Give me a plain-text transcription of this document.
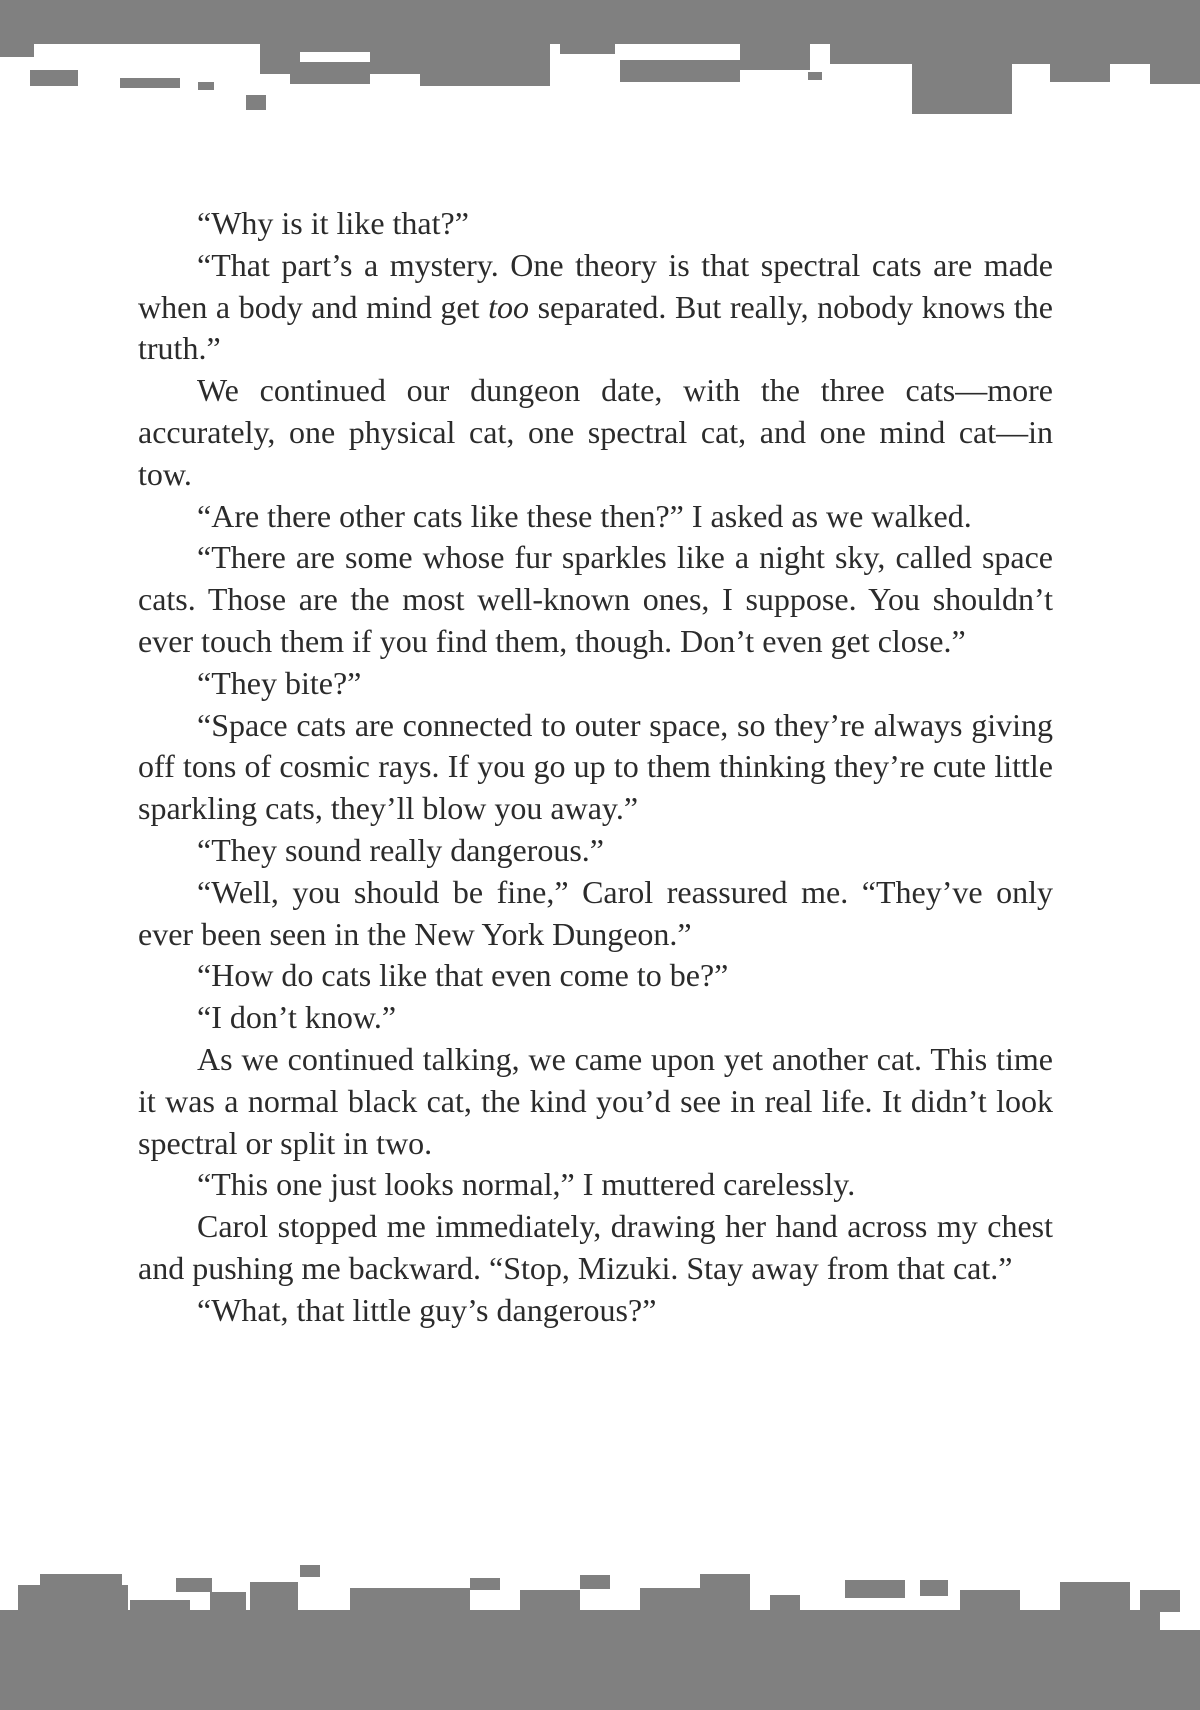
“Why is it like that?”

“That part’s a mystery. One theory is that spectral cats are made when a body and mind get too separated. But really, nobody knows the truth.”

We continued our dungeon date, with the three cats—more accurately, one physical cat, one spectral cat, and one mind cat—in tow.

“Are there other cats like these then?” I asked as we walked.

“There are some whose fur sparkles like a night sky, called space cats. Those are the most well-known ones, I suppose. You shouldn’t ever touch them if you find them, though. Don’t even get close.”

“They bite?”

“Space cats are connected to outer space, so they’re always giving off tons of cosmic rays. If you go up to them thinking they’re cute little sparkling cats, they’ll blow you away.”

“They sound really dangerous.”

“Well, you should be fine,” Carol reassured me. “They’ve only ever been seen in the New York Dungeon.”

“How do cats like that even come to be?”

“I don’t know.”

As we continued talking, we came upon yet another cat. This time it was a normal black cat, the kind you’d see in real life. It didn’t look spectral or split in two.

“This one just looks normal,” I muttered carelessly.

Carol stopped me immediately, drawing her hand across my chest and pushing me backward. “Stop, Mizuki. Stay away from that cat.”

“What, that little guy’s dangerous?”
